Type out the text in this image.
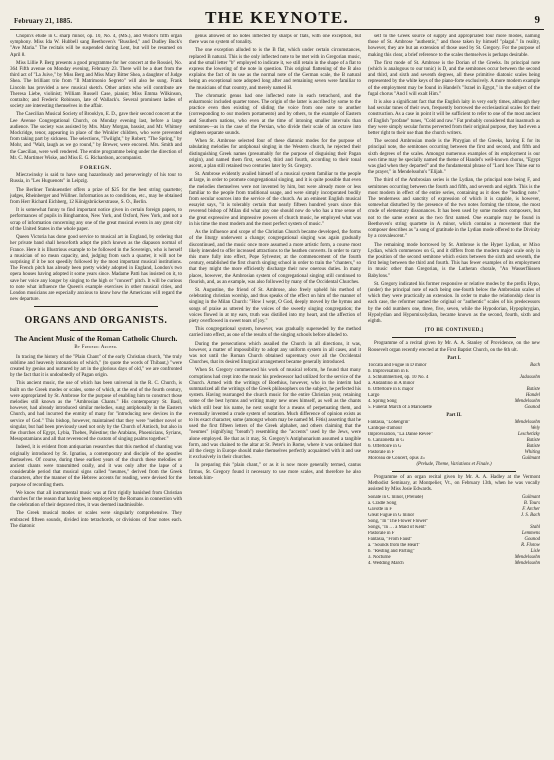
February 21, 1885.	THE KEYNOTE.	9

Chopin's etude in C sharp minor, op. 10, No. 4, (MS.), and Widor's fifth organ symphony. Miss Ida W. Hubbell sang Beethoven's "Busslied," and Dudley Buck's "Ave Maria." The recitals will be suspended during Lent, but will be resumed on April 8.

Miss Lillie P. Berg presents a good programme for her concert at the Rossiel, No. 364 Fifth avenue on Monday evening, February 23. There will be a duet from the third act of "La Juive," by Miss Berg and Miss Mary Bitter Shea, a daughter of Judge Shea. The brilliant trio from "Il Matrimonio Segreto" will also be sung. Frank Lincoln has provided a new musical sketch. Other artists who will contribute are Theresa Liebe, violinist; William Russell Case, pianist; Miss Emma Wilkinson, contralto; and Frederic Robinson, late of Wallack's. Several prominent ladies of society are interesting themselves in the affair.

The Caecilian Musical Society of Brooklyn, E. D., gave their second concert at the Lee Avenue Congregational Church, on Monday evening last, before a large audience. The society was assisted by Mrs. Mary Morgan, bassist, and Mr. Whitney Mockridge, tenor, appearing in place of the Winkler children, who were prevented from taking part by sickness. The selections, "Twilight," by Robert; "The Spring," by Mohr, and "Wait, laugh as we go round," by Brewer, were encored. Mrs. Smith and the Caecilian, were well rendered. The entire programme being under the direction of Mr. C. Mortimer Wiske, and Miss E. G. Richardson, accompanist.

FOREIGN.

Mieczwinsky is said to have sung hazardously and perseveringly of his tour to Russia, in "Les Huguenots" in Leipzig.

The Berliner Tonkuenstler offers a prize of $25 for the best string quartette; judges, Rheinberger and Wüllner. Information as to conditions, etc., may be obtained from Herr Richard Eichberg, 12 Königsbrückerstrasse, S. O., Berlin.

It is somewhat funny to find important notice given in certain foreign papers, to performances of pupils in Binghamton, New York, and Oxford, New York, and not a scrap of information concerning any one of the great musical events in any great city of the United States in the whole paper.

Queen Victoria has done good service to musical art in England, by ordering that her private band shall henceforth adopt the pitch known as the diapason normal of France. Here it is Illustrious example to be followed in the Sovereign, who is herself a musician of no mean capacity, and, judging from such a quarter, it will not be surprising if it be not speedily followed by the most important musical institutions. The French pitch has already been pretty widely adopted in England, London's two opera houses having adopted it some years since. Madame Patti has insisted on it, to save her voice any longer by singing to the high or "concert" pitch. It will be curious to note what influence the Queen's example exercises in other musical cities, and London musicians are especially anxious to know how the Americans will regard the new departure.

ORGANS AND ORGANISTS.
The Ancient Music of the Roman Catholic Church.
By Frederic Archer.

In tracing the history of the "Plain Chant" of the early Christian church, "the truly sublime and heavenly intonations of which," (to quote the words of Thibaut,) "were created by genius and nurtured by art in the glorious days of old," we are confronted by the fact that it is undoubtedly of Pagan origin.

This ancient music, the use of which has been universal in the R. C. Church, is built on the Greek modes or scales, some of which, at the end of the fourth century, were appropriated by St. Ambrose for the purpose of enabling him to construct those melodies still known as the "Ambrosian Chants." His contemporary St. Basil, however, had already introduced similar melodies, sung antiphonally in the Eastern Church, and had incurred the enmity of many for "introducing new devices in the service of God." This bishop, however, maintained that they were "neither novel or singular, but had been previously used not only by the Church of Antioch, but also in the churches of Egypt, Lybia, Thebes, Palestine; the Arabians, Phoenicians, Syrians, Mesopotamians and all that reverenced the custom of singing psalms together."

Indeed, it is evident from antiquarian researches that this method of chanting was originally introduced by St. Ignatius, a contemporary and disciple of the apostles themselves. Of course, during these earliest years of the church these melodies or ancient chants were transmitted orally, and it was only after the lapse of a considerable period that musical signs called "neumes," derived from the Greek characters, after the manner of the Hebrew accents for reading, were devised for the purpose of recording them.

We know that all instrumental music was at first rigidly banished from Christian churches for the reason that having been employed by the Romans in connection with the celebration of their depraved rites, it was deemed inadmissible.

The Greek musical modes or scales were singularly comprehensive. They embraced fifteen sounds, divided into tetrachords, or divisions of four notes each. The diatonic

genus allowed of no notes inflected by sharps or flats, with one exception, but there was no system of tonality.

The one exception alluded to is the B flat, which under certain circumstances, replaced B natural. This is the only inflected note to be met with in Gregorian music, and the small letter "b" employed to indicate it, we still retain in the shape of a flat to express the lowering of the note in question. This original flattening of the B also explains the fact of its use as the normal note of the German scale, the B natural being an exceptional note adopted long after and remaining seven were familiar to the musicians of that country, and merely named H.

The chromatic genus had one inflected note in each tetrachord, and the enharmonic included quarter tones. The origin of the latter is ascribed by some to the practice even then existing of sliding the voice from one note to another (corresponding to our modern portamento) and by others, to the example of Eastern and Southern nations, who even at the time of intoning smaller intervals than semitones—as in the case of the Persian, who divide their scale of an octave into eighteen separate sounds.

When St. Ambrose selected four of these diatonic modes for the purpose of tabulating melodies for antiphonal singing in the Western church, he rejected their distinguishing Greek names (presumably for the purpose of disguising their Pagan origin), and named them first, second, third and fourth, according to their tonal ascent, a plan still retained two centuries later by St. Gregory.

St. Ambrose evidently availed himself of a musical system familiar to the people at large, in order to promote congregational singing, and it is quite possible that even the melodies themselves were not invented by him, but were already more or less familiar to the people from traditional usage, and were simply incorporated bodily from secular sources into the service of the church. As an eminent English musical essayist says, "it is tolerably certain that nearly fifteen hundred years since this reverend bishop of Milan did what any one should now do who has a true sense of the great expressive and impressive powers of church music, he employed what was in his time the most modern and the most perfect system of music."

As the influence and scope of the Christian Church became developed, the forms of the liturgy underwent a change; congregational singing was again gradually discontinued, and the music once more assumed a more artistic form, a course most likely intended to offer increased attractions to the heathen converts. In order to carry this more fully into effect, Pope Sylvester, at the commencement of the fourth century, established the first church singing school in order to train the "chanters," so that they might the more efficiently discharge their now onerous duties. In many places, however, the Ambrosian system of congregational singing still continued to flourish, and, as an example, was also followed by many of the Occidental Churches.

St. Augustine, the friend of St. Ambrose, also freely upheld his method of celebrating christian worship, and thus speaks of the effect on him of the manner of singing in the Milan Church: "How I wept, O God, deeply moved by the hymns and songs of praise as uttered by the voices of the sweetly singing congregation; the voices flowed in at my ears, truth was distilled into my heart, and the affection of piety overflowed in sweet tears of joy."

This congregational system, however, was gradually superseded by the method carried into effect, as one of the results of the singing schools before alluded to.

During the persecutions which assailed the Church in all directions, it was, however, a matter of impossibility to adopt any uniform system in all cases, and it was not until the Roman Church obtained supremacy over all the Occidental Churches, that its desired liturgical arrangement became generally introduced.

When St. Gregory commenced his work of musical reform, he found that many corruptions had crept into the music his predecessor had utilized for the service of the Church. Armed with the writings of Boethius, however, who in the interim had summarized all the writings of the Greek philosophers on the subject, he perfected his system. Having rearranged the church music for the entire Christian year, retaining some of the best hymns and writing many new ones himself, as well as the chants which still bear his name, he next sought for a means of perpetuating them, and eventually invented a crude system of notation. Much difference of opinion exists as to its exact character, some (amongst whom may be named M. Fétis) asserting that he used the first fifteen letters of the Greek alphabet, and others claiming that the "neumes" (signifying "breath") resembling the "accents" used by the Jews, were alone employed. Be that as it may, St. Gregory's Antiphonarium assumed a tangible form, and was chained to the altar at St. Peter's in Rome, where it was ordained that all the clergy in Europe should make themselves perfectly acquainted with it and use it exclusively in their churches.

In preparing this "plain chant," or as it is now more generally termed, cantus firmus, St. Gregory found it necessary to use more scales, and therefore he also betook him-

self to the Greek source of supply and appropriated four more modes, naming those of St. Ambrose "authentic," and those taken by himself "plagal." In reality, however, they are but an extension of those used by St. Gregory. For the purpose of making this clear, a brief reference to the scales themselves is perhaps desirable.

The first mode of St. Ambrose is the Dorian of the Greeks. Its principal note (which is analogous to our tonic) is D, and the semitones occur between the second and third, and sixth and seventh degrees, all these primitive diatonic scales being represented by the white keys of the piano-forte exclusively. A more modern example of the employment may be found in Handel's "Israel in Egypt," in the subject of the fugal chorus "And I will exalt Him."

It is also a significant fact that the English laity in very early times, although they had secular tunes of their own, frequently borrowed the ecclesiastical scales for their construction. As a case in point it will be sufficient to refer to one of the most ancient of English "profane" tunes, "Cold and raw." Fat probably considered that inasmuch as they were simply secular forms perverted from their original purpose, they had even a better right to their use than the church writers.

The second Ambrosian mode is the Phrygian of the Greeks, having E for its principal note, the semitones occurring between the first and second, and fifth and sixth degrees of the scales. Amongst numerous examples of its employment is our own time may be specially named the theme of Handel's well-known chorus, "Egypt was glad when they departed" and the fundamental phrase of "Lord how Thine ear to the prayer," in Mendelssohn's "Elijah."

The third of the Ambrosian series is the Lydian, the principal note being F, and semitones occurring between the fourth and fifth, and seventh and eighth. This is the most modern in effect of the entire series, containing as it does the "leading note." The tenderness and sanctity of expression of which it is capable, is however, somewhat disturbed by the presence of the two notes forming the tritone, the most crude of elementary dissonances. It has been used by some modern composers, but not to the same extent as the two first named. One example may be found in Beethoven's string quartette in A minor, which contains a movement that the composer describes as "a song of gratitude in the Lydian mode offered to the Divinity by a convalescent."

The remaining mode borrowed by St. Ambrose is the Hyper Lydian, or Mixo Lydian, which commences on G, and it differs from the modern major scale only in the position of the second semitone which exists between the sixth and seventh, the first being between the third and fourth. This has fewer examples of its employment in music other than Gregorian, is the Lutheran chorale, "An Wasserflüssen Babylons."

St. Gregory indicated his former responsive or relative modes by the prefix Hypo, (under) the principal note of each being one-fourth below the Ambrosian scales of which they were practically an extension. In order to make the relationship clear in each case, the reformer named the original or "authentic" scales of his predecessors by the odd numbers one, three, five, seven, while the Hypodorian, Hypophrygian, Hypolydian and Hypomixolydian, became known as the second, fourth, sixth and eighth.

[TO BE CONTINUED.]

Programme of a recital given by Mr. A. A. Stanley of Providence, on the new Roosevelt organ recently erected at the First Baptist Church, on the 6th ult.

Part I.
Toccata and Fugue in D minor	Bach
b. Improvisation in E
3. Schlummerlied, op. 10 No. 4	Jadassohn
a. Andantino in A minor
b. Offertoire in E major	Batiste
Largo	Handel
4. Spring Song	Mendelssohn
5. Funeral March of a Marionette	Gounod
Part II.
Fantasia, "Lohengrin"	Mendelssohn
Cantique d'amour	Wely
Improvisation, "La Danse Revee"	Leschetizky
6. Canzonetta in G	Batiste
6. Offertoire in G	Batiste
Pastorale in F	Whiting
Morceau de Concert, opus 35	Guilmant
(Prelude, Theme, Variations et Finale.)

Programme of an organ recital given by Mr. A. A. Hadley at the Vermont Methodist Seminary, at Montpelier, Vt., on February 13th, when he was vocally assisted by Miss Josie Edwards.

Sonate in C minor, (Prelude)	Guilmant
a. Cradle Song	B. Tours
Gavotte in F	F. Archer
Great Fugue in G minor	J. S. Bach
Song, "In "The Flower Flower"
Songs, "In … a Maid of Kent"	Stahl
Pastorale in F	Lemmens
Fantasia, "From Faust"	Gounod
a. "Sounds from the Heart"	R. Flotow
b. "Resting and Parting"	Lisle
3. Nocturne	Mendelssohn
4. Wedding March	Mendelssohn
